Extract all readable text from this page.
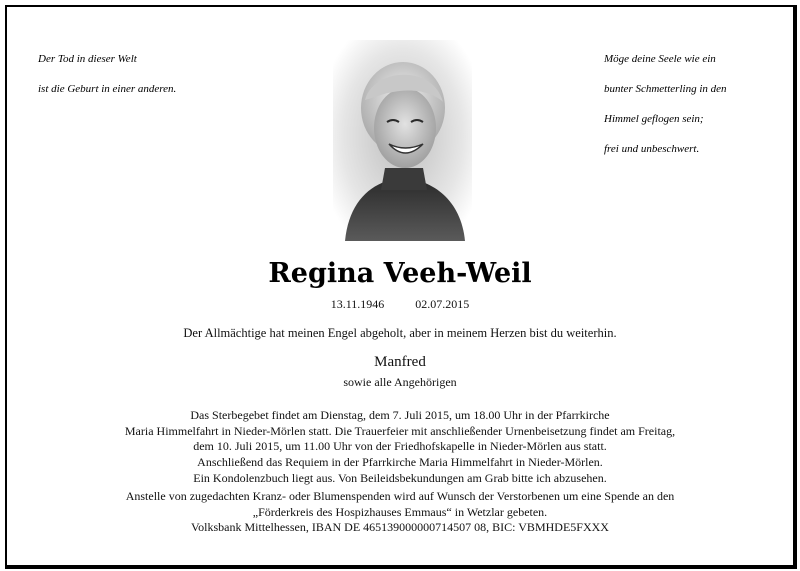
Der Tod in dieser Welt

ist die Geburt in einer anderen.

Möge deine Seele wie ein

bunter Schmetterling in den

Himmel geflogen sein;

frei und unbeschwert.

Regina Veeh-Weil
13.11.1946	02.07.2015
Der Allmächtige hat meinen Engel abgeholt, aber in meinem Herzen bist du weiterhin.
Manfred
sowie alle Angehörigen
Das Sterbegebet findet am Dienstag, dem 7. Juli 2015, um 18.00 Uhr in der Pfarrkirche
Maria Himmelfahrt in Nieder-Mörlen statt. Die Trauerfeier mit anschließender Urnenbeisetzung findet am Freitag,
dem 10. Juli 2015, um 11.00 Uhr von der Friedhofskapelle in Nieder-Mörlen aus statt.
Anschließend das Requiem in der Pfarrkirche Maria Himmelfahrt in Nieder-Mörlen.
Ein Kondolenzbuch liegt aus. Von Beileidsbekundungen am Grab bitte ich abzusehen.
Anstelle von zugedachten Kranz- oder Blumenspenden wird auf Wunsch der Verstorbenen um eine Spende an den
„Förderkreis des Hospizhauses Emmaus“ in Wetzlar gebeten.
Volksbank Mittelhessen, IBAN DE 465139000000714507 08, BIC: VBMHDE5FXXX
